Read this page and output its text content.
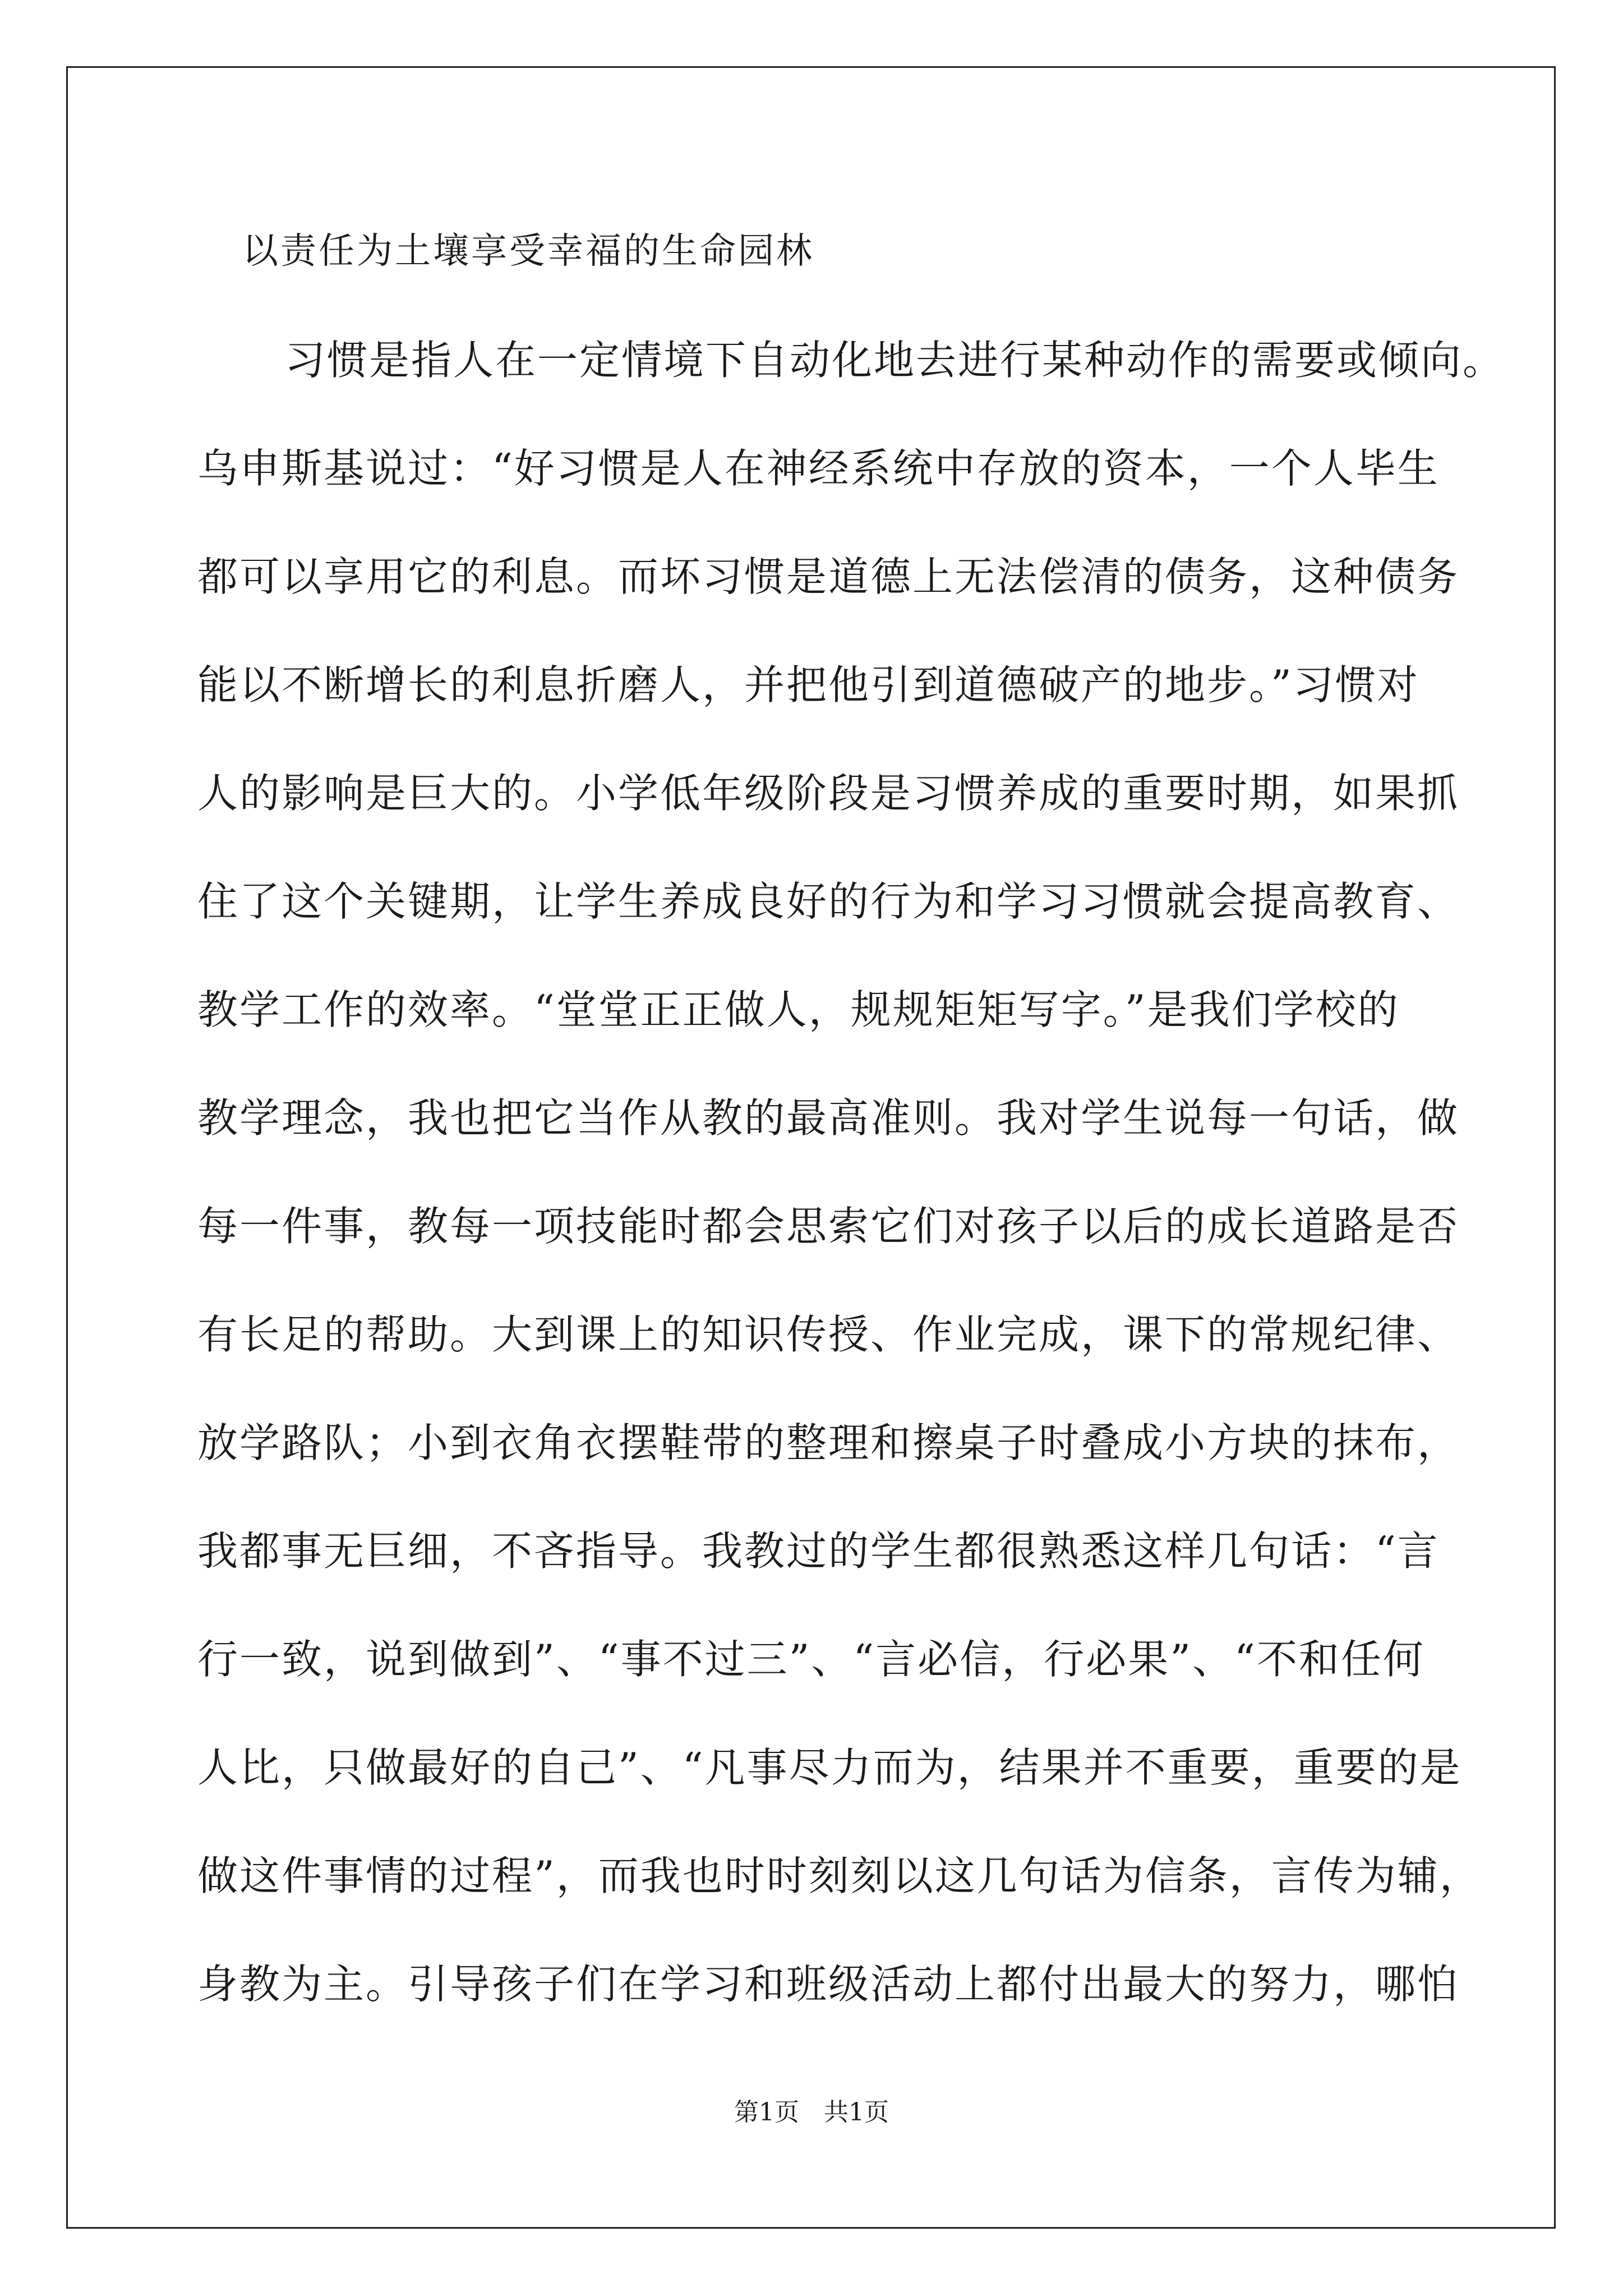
以责任为土壤享受幸福的生命园林
习惯是指人在一定情境下自动化地去进行某种动作的需要或倾向。
乌申斯基说过：“好习惯是人在神经系统中存放的资本，一个人毕生
都可以享用它的利息。而坏习惯是道德上无法偿清的债务，这种债务
能以不断增长的利息折磨人，并把他引到道德破产的地步。”习惯对
人的影响是巨大的。小学低年级阶段是习惯养成的重要时期，如果抓
住了这个关键期，让学生养成良好的行为和学习习惯就会提高教育、
教学工作的效率。“堂堂正正做人，规规矩矩写字。”是我们学校的
教学理念，我也把它当作从教的最高准则。我对学生说每一句话，做
每一件事，教每一项技能时都会思索它们对孩子以后的成长道路是否
有长足的帮助。大到课上的知识传授、作业完成，课下的常规纪律、
放学路队；小到衣角衣摆鞋带的整理和擦桌子时叠成小方块的抹布，
我都事无巨细，不吝指导。我教过的学生都很熟悉这样几句话：“言
行一致，说到做到”、“事不过三”、“言必信，行必果”、“不和任何
人比，只做最好的自己”、“凡事尽力而为，结果并不重要，重要的是
做这件事情的过程”，而我也时时刻刻以这几句话为信条，言传为辅，
身教为主。引导孩子们在学习和班级活动上都付出最大的努力，哪怕
第1页　共1页
